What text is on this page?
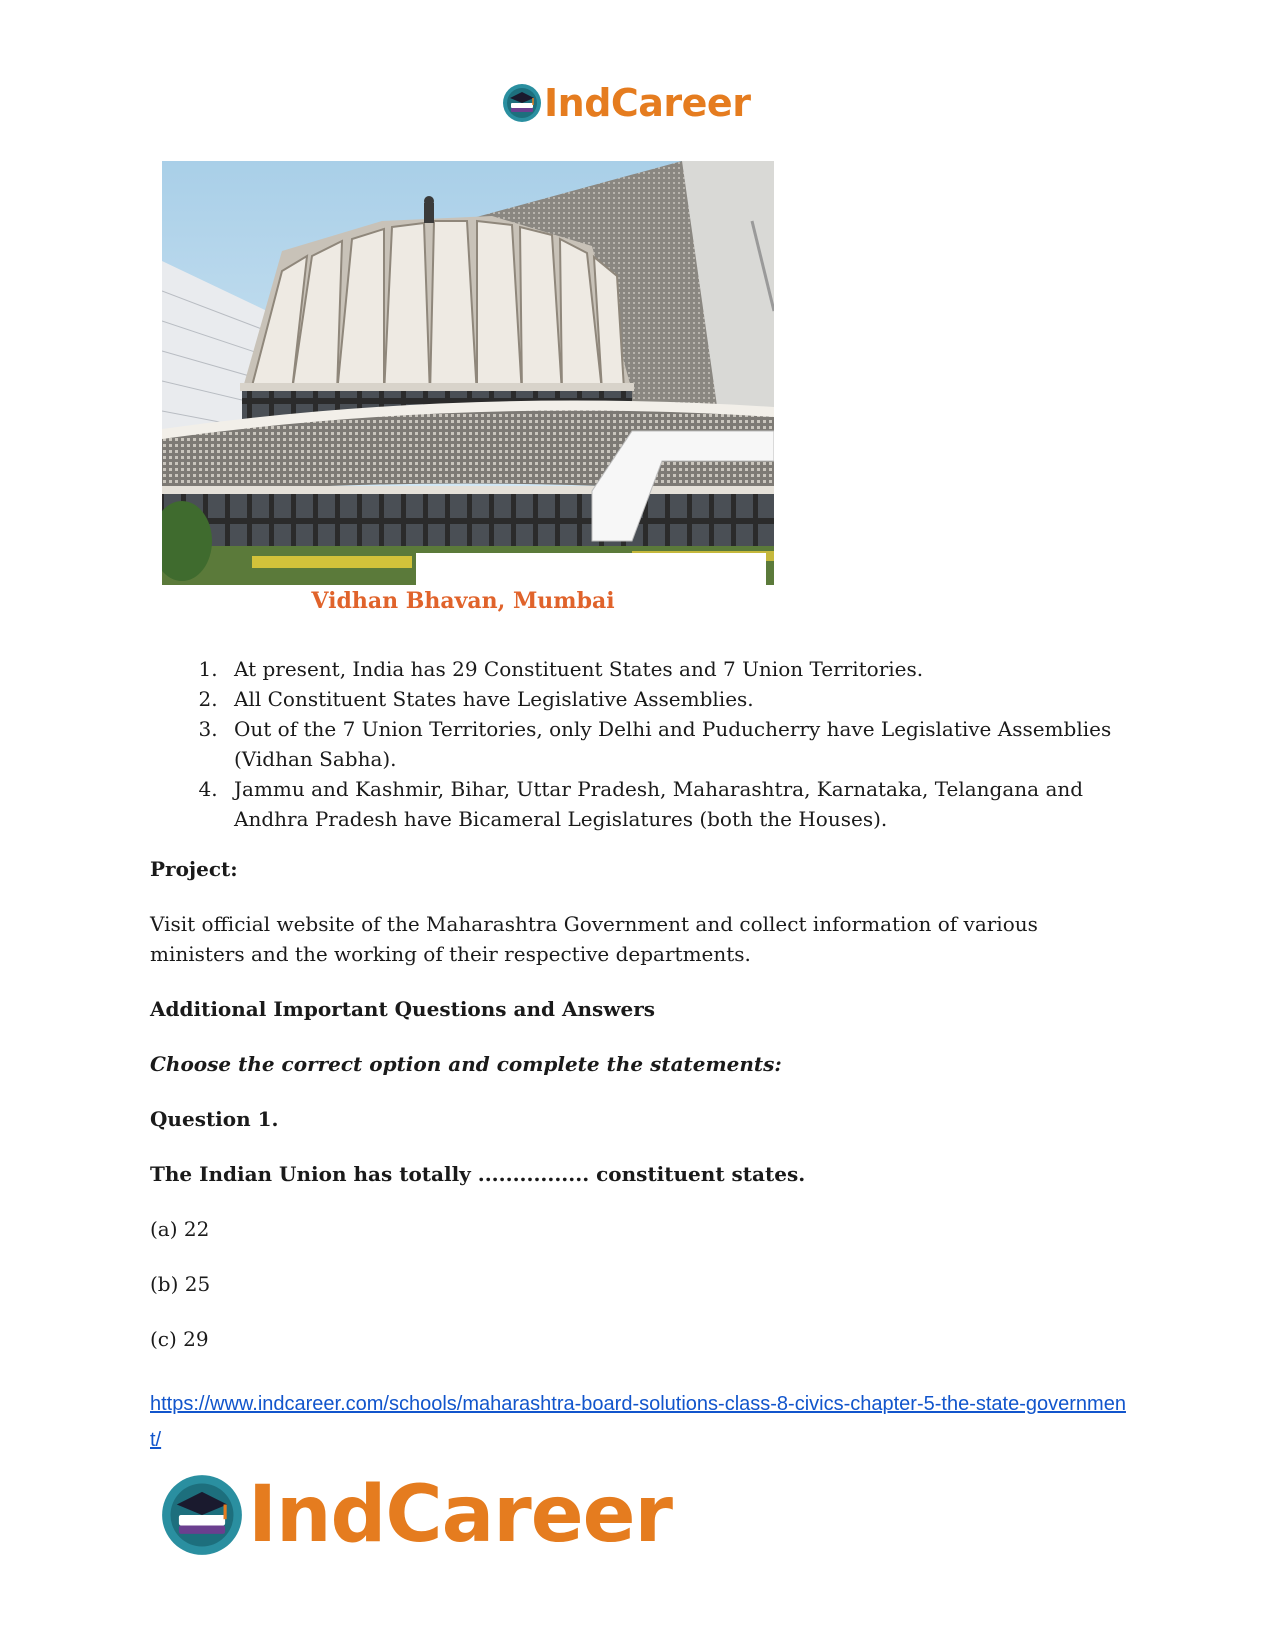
IndCareer

Vidhan Bhavan, Mumbai

1. At present, India has 29 Constituent States and 7 Union Territories.
2. All Constituent States have Legislative Assemblies.
3. Out of the 7 Union Territories, only Delhi and Puducherry have Legislative Assemblies (Vidhan Sabha).
4. Jammu and Kashmir, Bihar, Uttar Pradesh, Maharashtra, Karnataka, Telangana and Andhra Pradesh have Bicameral Legislatures (both the Houses).

Project:

Visit official website of the Maharashtra Government and collect information of various ministers and the working of their respective departments.

Additional Important Questions and Answers

Choose the correct option and complete the statements:

Question 1.

The Indian Union has totally ................ constituent states.

(a) 22

(b) 25

(c) 29

https://www.indcareer.com/schools/maharashtra-board-solutions-class-8-civics-chapter-5-the-state-government/
IndCareer
